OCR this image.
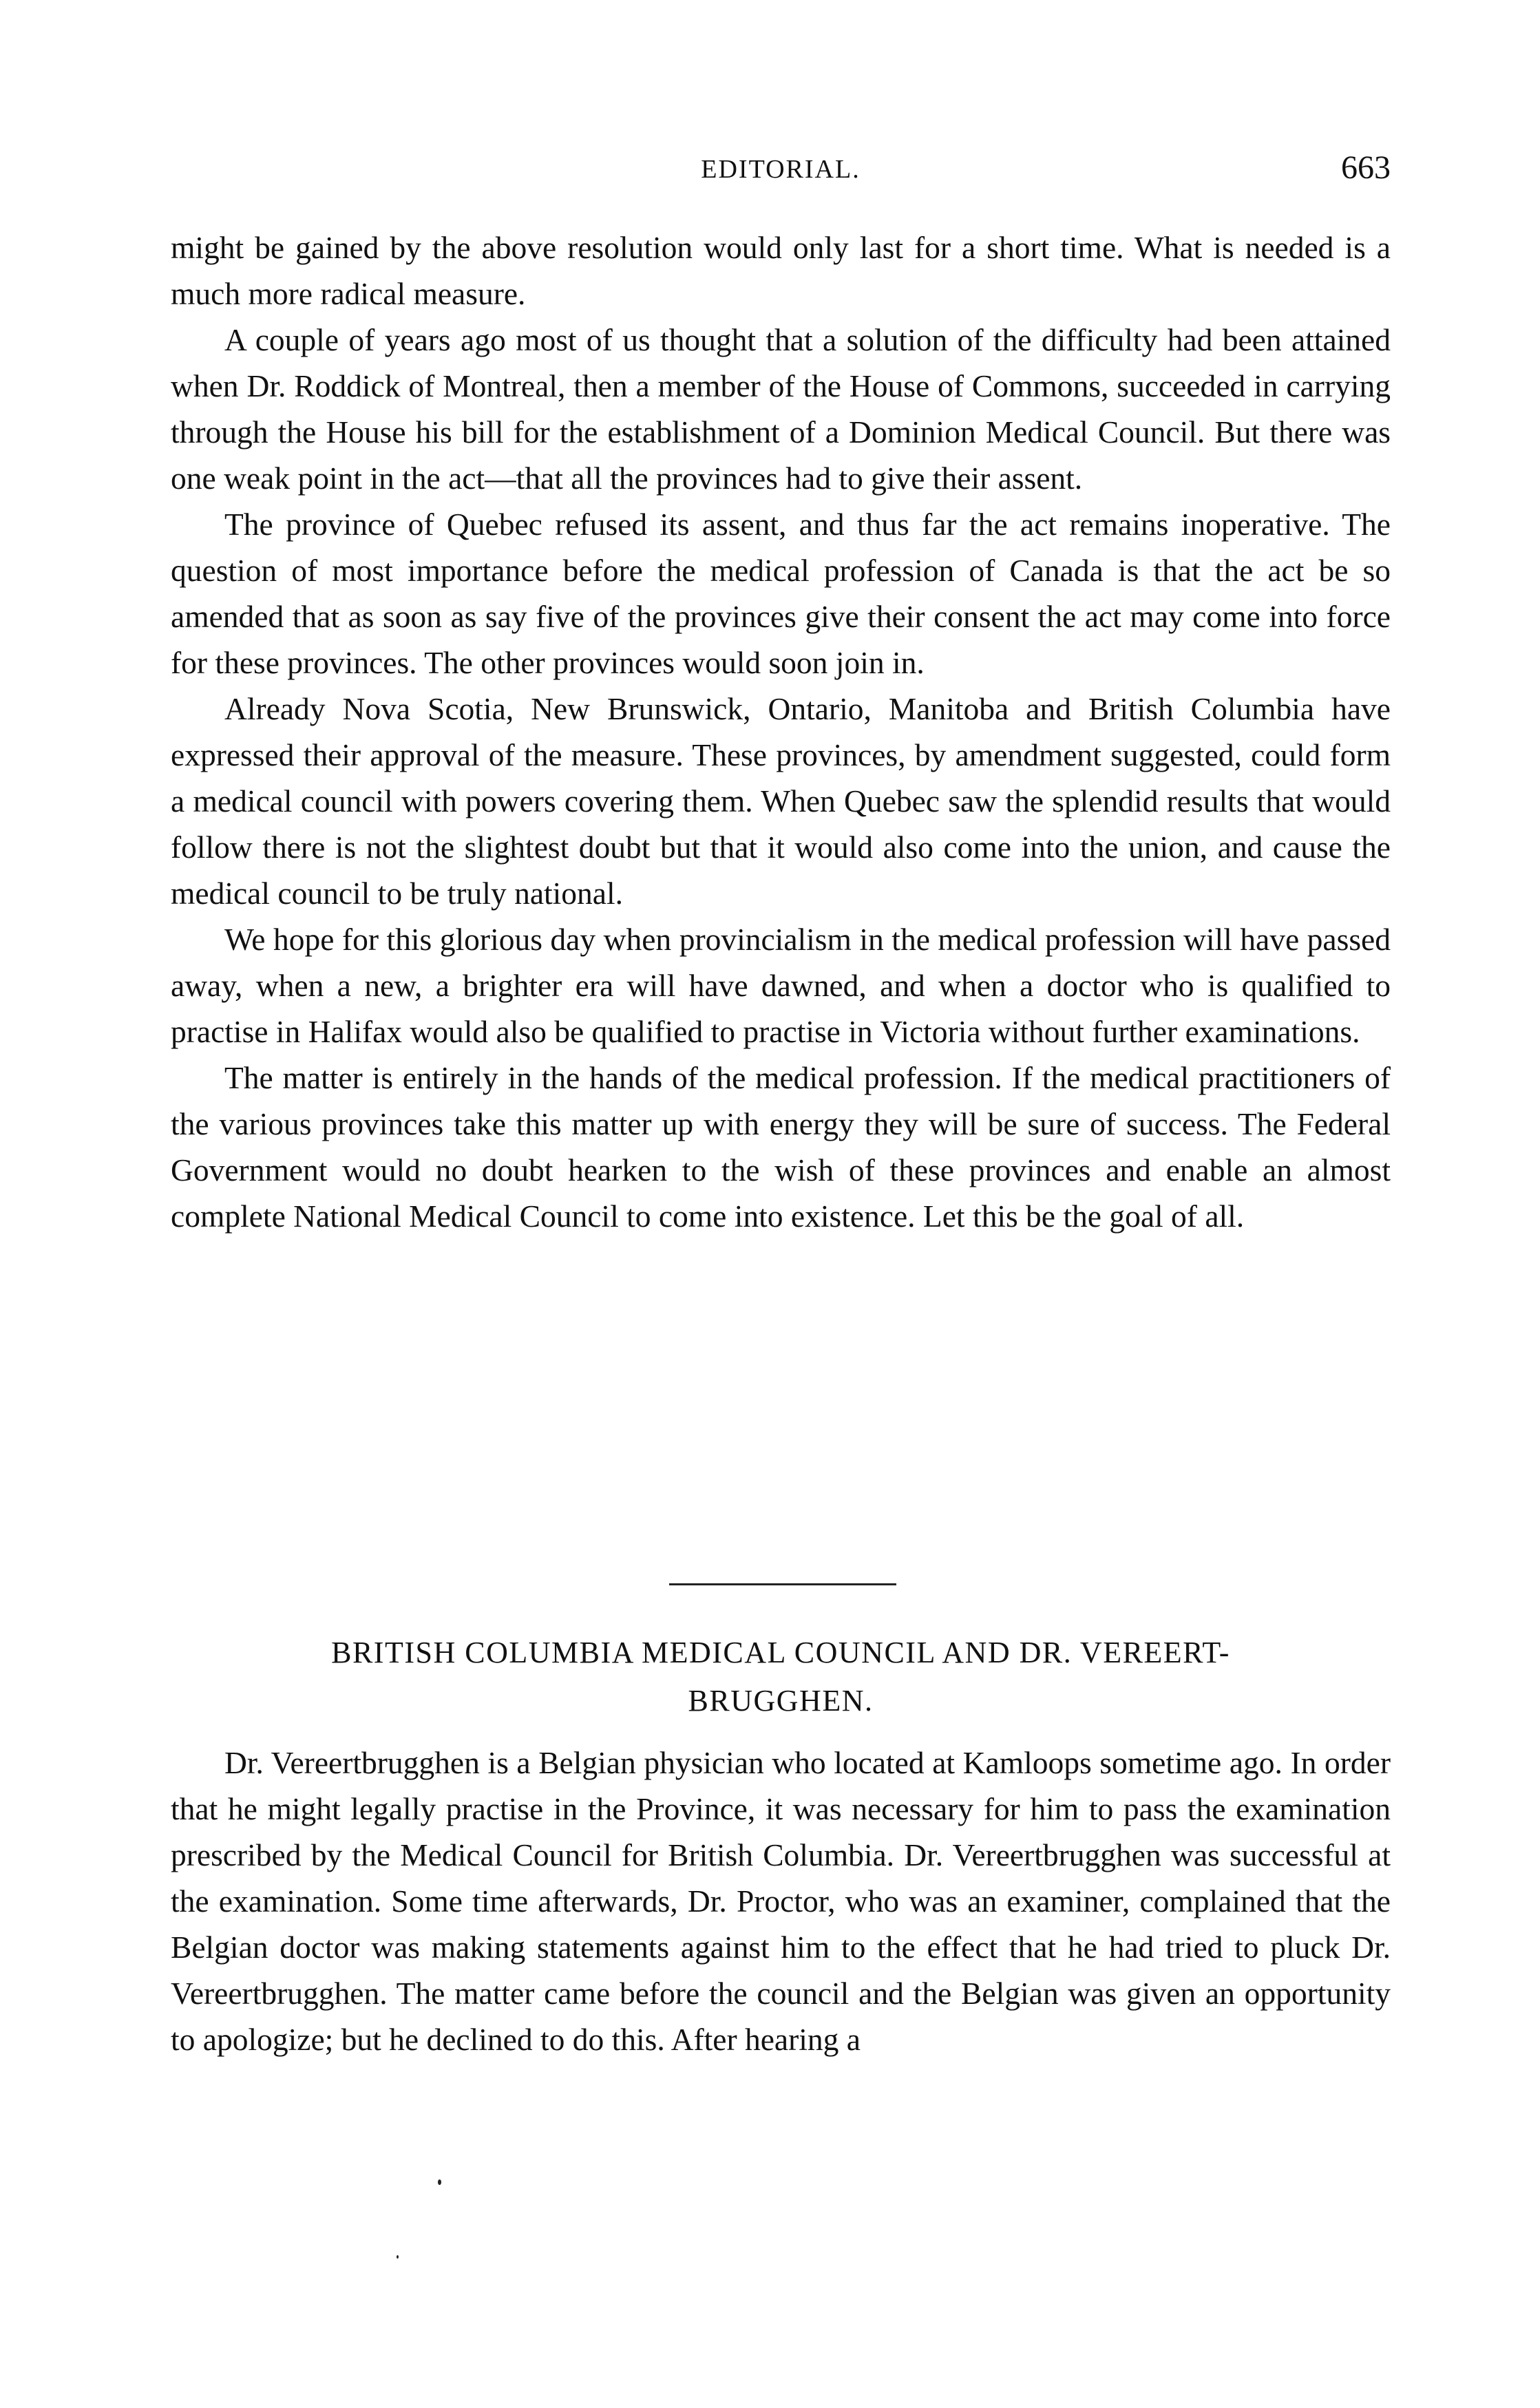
EDITORIAL.	663

might be gained by the above resolution would only last for a short time. What is needed is a much more radical measure.

A couple of years ago most of us thought that a solution of the difficulty had been attained when Dr. Roddick of Montreal, then a member of the House of Commons, succeeded in carrying through the House his bill for the establishment of a Dominion Medical Council. But there was one weak point in the act—that all the provinces had to give their assent.

The province of Quebec refused its assent, and thus far the act remains inoperative. The question of most importance before the medical profession of Canada is that the act be so amended that as soon as say five of the provinces give their consent the act may come into force for these provinces. The other provinces would soon join in.

Already Nova Scotia, New Brunswick, Ontario, Manitoba and British Columbia have expressed their approval of the measure. These provinces, by amendment suggested, could form a medical council with powers covering them. When Quebec saw the splendid results that would follow there is not the slightest doubt but that it would also come into the union, and cause the medical council to be truly national.

We hope for this glorious day when provincialism in the medical profession will have passed away, when a new, a brighter era will have dawned, and when a doctor who is qualified to practise in Halifax would also be qualified to practise in Victoria without further examinations.

The matter is entirely in the hands of the medical profession. If the medical practitioners of the various provinces take this matter up with energy they will be sure of success. The Federal Government would no doubt hearken to the wish of these provinces and enable an almost complete National Medical Council to come into existence. Let this be the goal of all.

BRITISH COLUMBIA MEDICAL COUNCIL AND DR. VEREERT-
BRUGGHEN.

Dr. Vereertbrugghen is a Belgian physician who located at Kamloops sometime ago. In order that he might legally practise in the Province, it was necessary for him to pass the examination prescribed by the Medical Council for British Columbia. Dr. Vereertbrugghen was successful at the examination. Some time afterwards, Dr. Proctor, who was an examiner, complained that the Belgian doctor was making statements against him to the effect that he had tried to pluck Dr. Vereertbrugghen. The matter came before the council and the Belgian was given an opportunity to apologize; but he declined to do this. After hearing a
